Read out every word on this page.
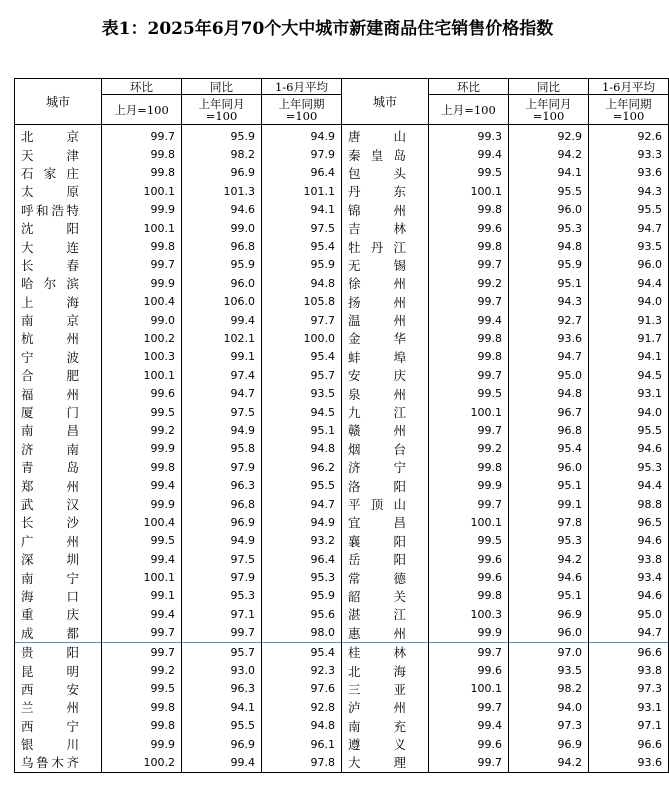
表1：2025年6月70个大中城市新建商品住宅销售价格指数
城市	环比	同比	1-6月平均	城市	环比	同比	1-6月平均
	上月=100	上年同月=100	上年同期=100		上月=100	上年同月=100	上年同期=100
北　京	99.7	95.9	94.9	唐　山	99.3	92.9	92.6
天　津	99.8	98.2	97.9	秦皇岛	99.4	94.2	93.3
石家庄	99.8	96.9	96.4	包　头	99.5	94.1	93.6
太　原	100.1	101.3	101.1	丹　东	100.1	95.5	94.3
呼和浩特	99.9	94.6	94.1	锦　州	99.8	96.0	95.5
沈　阳	100.1	99.0	97.5	吉　林	99.6	95.3	94.7
大　连	99.8	96.8	95.4	牡丹江	99.8	94.8	93.5
长　春	99.7	95.9	95.9	无　锡	99.7	95.9	96.0
哈尔滨	99.9	96.0	94.8	徐　州	99.2	95.1	94.4
上　海	100.4	106.0	105.8	扬　州	99.7	94.3	94.0
南　京	99.0	99.4	97.7	温　州	99.4	92.7	91.3
杭　州	100.2	102.1	100.0	金　华	99.8	93.6	91.7
宁　波	100.3	99.1	95.4	蚌　埠	99.8	94.7	94.1
合　肥	100.1	97.4	95.7	安　庆	99.7	95.0	94.5
福　州	99.6	94.7	93.5	泉　州	99.5	94.8	93.1
厦　门	99.5	97.5	94.5	九　江	100.1	96.7	94.0
南　昌	99.2	94.9	95.1	赣　州	99.7	96.8	95.5
济　南	99.9	95.8	94.8	烟　台	99.2	95.4	94.6
青　岛	99.8	97.9	96.2	济　宁	99.8	96.0	95.3
郑　州	99.4	96.3	95.5	洛　阳	99.9	95.1	94.4
武　汉	99.9	96.8	94.7	平顶山	99.7	99.1	98.8
长　沙	100.4	96.9	94.9	宜　昌	100.1	97.8	96.5
广　州	99.5	94.9	93.2	襄　阳	99.5	95.3	94.6
深　圳	99.4	97.5	96.4	岳　阳	99.6	94.2	93.8
南　宁	100.1	97.9	95.3	常　德	99.6	94.6	93.4
海　口	99.1	95.3	95.9	韶　关	99.8	95.1	94.6
重　庆	99.4	97.1	95.6	湛　江	100.3	96.9	95.0
成　都	99.7	99.7	98.0	惠　州	99.9	96.0	94.7
贵　阳	99.7	95.7	95.4	桂　林	99.7	97.0	96.6
昆　明	99.2	93.0	92.3	北　海	99.6	93.5	93.8
西　安	99.5	96.3	97.6	三　亚	100.1	98.2	97.3
兰　州	99.8	94.1	92.8	泸　州	99.7	94.0	93.1
西　宁	99.8	95.5	94.8	南　充	99.4	97.3	97.1
银　川	99.9	96.9	96.1	遵　义	99.6	96.9	96.6
乌鲁木齐	100.2	99.4	97.8	大　理	99.7	94.2	93.6
